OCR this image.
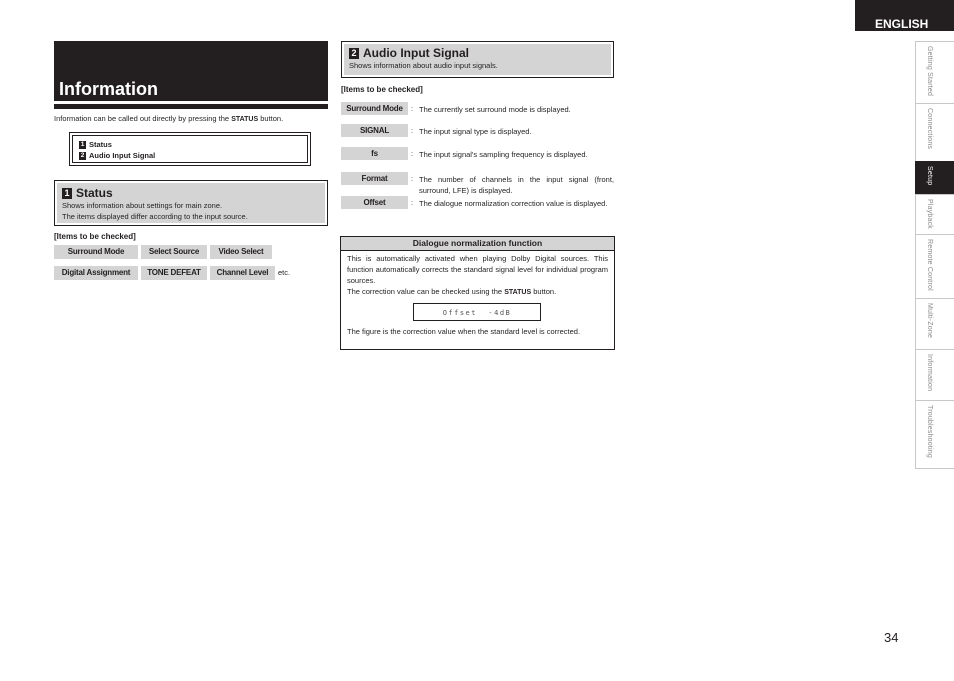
ENGLISH
Getting Started
Connections
Setup
Playback
Remote Control
Multi-Zone
Information
Troubleshooting
Information
Information can be called out directly by pressing the STATUS button.
1 Status
2 Audio Input Signal
1 Status
Shows information about settings for main zone.
The items displayed differ according to the input source.
[Items to be checked]
Surround Mode	Select Source	Video Select
Digital Assignment	TONE DEFEAT	Channel Level	etc.
2 Audio Input Signal
Shows information about audio input signals.
[Items to be checked]
Surround Mode	: The currently set surround mode is displayed.
SIGNAL	: The input signal type is displayed.
fs	: The input signal's sampling frequency is displayed.
Format	: The number of channels in the input signal (front, surround, LFE) is displayed.
Offset	: The dialogue normalization correction value is displayed.
Dialogue normalization function
This is automatically activated when playing Dolby Digital sources. This function automatically corrects the standard signal level for individual program sources.
The correction value can be checked using the STATUS button.
Offset  -4dB
The figure is the correction value when the standard level is corrected.
34
